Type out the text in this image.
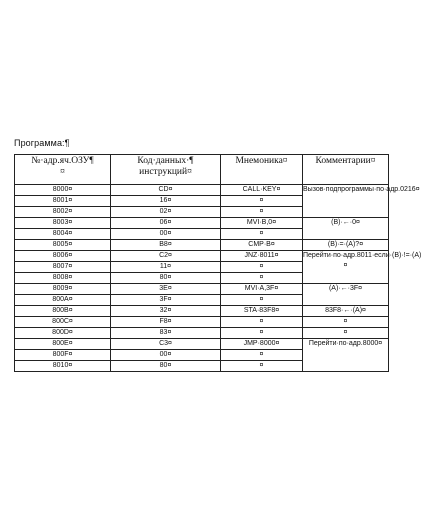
Программа:¶
№·адр.яч.ОЗУ¶
¤	Код·данных·¶
инструкций¤	Мнемоника¤	Комментарии¤
8000¤	CD¤	CALL·KEY¤	Вызов·подпрограммы·по·адр.0216¤
8001¤	16¤	¤	
8002¤	02¤	¤	
8003¤	06¤	MVI·B,0¤	(B)·←·0¤
8004¤	00¤	¤	
8005¤	B8¤	CMP·B¤	(B)·=·(A)?¤
8006¤	C2¤	JNZ·8011¤	Перейти·по·адр.8011·если·(B)·!=·(A)¤
8007¤	11¤	¤	
8008¤	80¤	¤	
8009¤	3E¤	MVI·A,3F¤	(A)·←·3F¤
800A¤	3F¤	¤	
800B¤	32¤	STA·83F8¤	83F8·←·(A)¤
800C¤	F8¤	¤	¤
800D¤	83¤	¤	¤
800E¤	C3¤	JMP·8000¤	Перейти·по·адр.8000¤
800F¤	00¤	¤	
8010¤	80¤	¤	
